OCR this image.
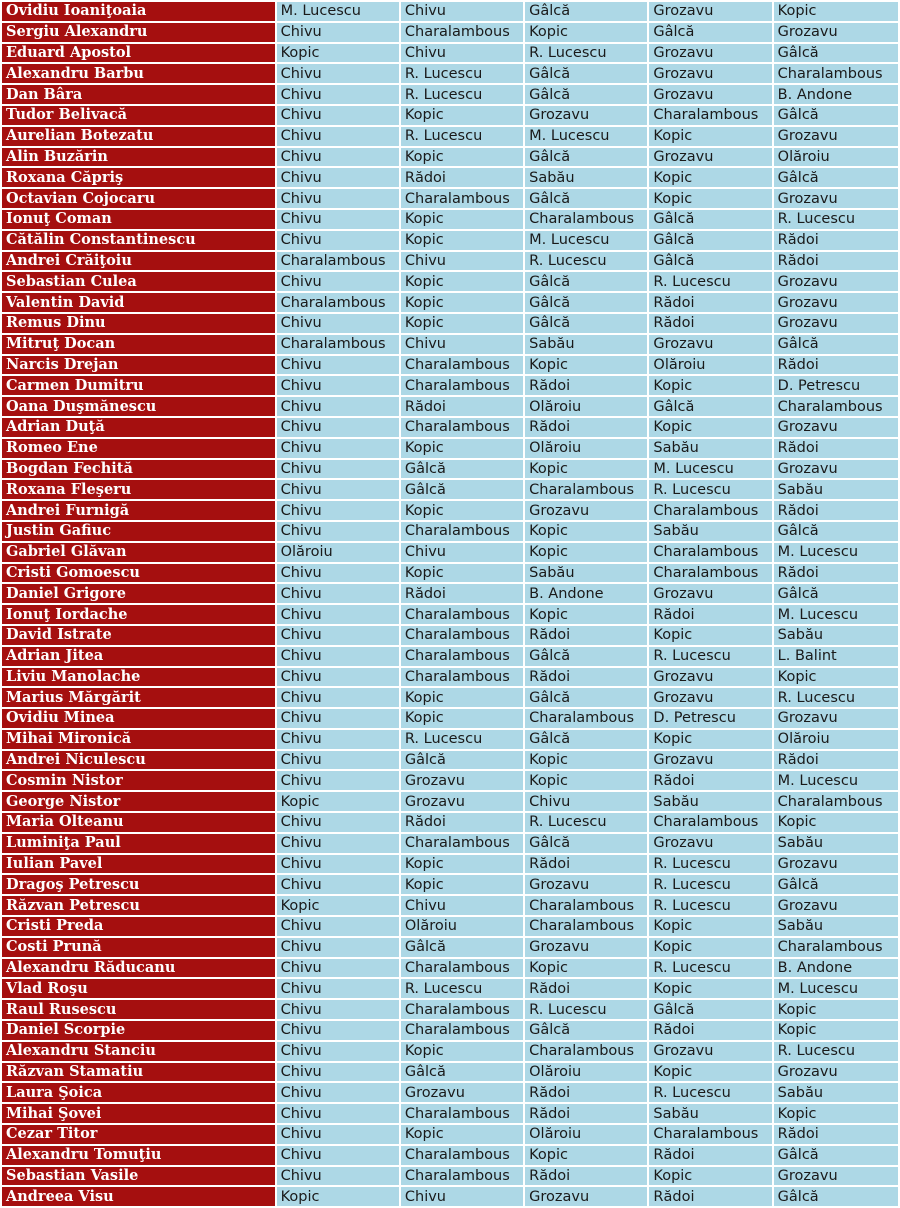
Ovidiu Ioaniţoaia	M. Lucescu	Chivu	Gâlcă	Grozavu	Kopic
Sergiu Alexandru	Chivu	Charalambous	Kopic	Gâlcă	Grozavu
Eduard Apostol	Kopic	Chivu	R. Lucescu	Grozavu	Gâlcă
Alexandru Barbu	Chivu	R. Lucescu	Gâlcă	Grozavu	Charalambous
Dan Bâra	Chivu	R. Lucescu	Gâlcă	Grozavu	B. Andone
Tudor Belivacă	Chivu	Kopic	Grozavu	Charalambous	Gâlcă
Aurelian Botezatu	Chivu	R. Lucescu	M. Lucescu	Kopic	Grozavu
Alin Buzărin	Chivu	Kopic	Gâlcă	Grozavu	Olăroiu
Roxana Căpriş	Chivu	Rădoi	Sabău	Kopic	Gâlcă
Octavian Cojocaru	Chivu	Charalambous	Gâlcă	Kopic	Grozavu
Ionuţ Coman	Chivu	Kopic	Charalambous	Gâlcă	R. Lucescu
Cătălin Constantinescu	Chivu	Kopic	M. Lucescu	Gâlcă	Rădoi
Andrei Crăiţoiu	Charalambous	Chivu	R. Lucescu	Gâlcă	Rădoi
Sebastian Culea	Chivu	Kopic	Gâlcă	R. Lucescu	Grozavu
Valentin David	Charalambous	Kopic	Gâlcă	Rădoi	Grozavu
Remus Dinu	Chivu	Kopic	Gâlcă	Rădoi	Grozavu
Mitruţ Docan	Charalambous	Chivu	Sabău	Grozavu	Gâlcă
Narcis Drejan	Chivu	Charalambous	Kopic	Olăroiu	Rădoi
Carmen Dumitru	Chivu	Charalambous	Rădoi	Kopic	D. Petrescu
Oana Duşmănescu	Chivu	Rădoi	Olăroiu	Gâlcă	Charalambous
Adrian Duţă	Chivu	Charalambous	Rădoi	Kopic	Grozavu
Romeo Ene	Chivu	Kopic	Olăroiu	Sabău	Rădoi
Bogdan Fechită	Chivu	Gâlcă	Kopic	M. Lucescu	Grozavu
Roxana Fleşeru	Chivu	Gâlcă	Charalambous	R. Lucescu	Sabău
Andrei Furnigă	Chivu	Kopic	Grozavu	Charalambous	Rădoi
Justin Gafiuc	Chivu	Charalambous	Kopic	Sabău	Gâlcă
Gabriel Glăvan	Olăroiu	Chivu	Kopic	Charalambous	M. Lucescu
Cristi Gomoescu	Chivu	Kopic	Sabău	Charalambous	Rădoi
Daniel Grigore	Chivu	Rădoi	B. Andone	Grozavu	Gâlcă
Ionuţ Iordache	Chivu	Charalambous	Kopic	Rădoi	M. Lucescu
David Istrate	Chivu	Charalambous	Rădoi	Kopic	Sabău
Adrian Jitea	Chivu	Charalambous	Gâlcă	R. Lucescu	L. Balint
Liviu Manolache	Chivu	Charalambous	Rădoi	Grozavu	Kopic
Marius Mărgărit	Chivu	Kopic	Gâlcă	Grozavu	R. Lucescu
Ovidiu Minea	Chivu	Kopic	Charalambous	D. Petrescu	Grozavu
Mihai Mironică	Chivu	R. Lucescu	Gâlcă	Kopic	Olăroiu
Andrei Niculescu	Chivu	Gâlcă	Kopic	Grozavu	Rădoi
Cosmin Nistor	Chivu	Grozavu	Kopic	Rădoi	M. Lucescu
George Nistor	Kopic	Grozavu	Chivu	Sabău	Charalambous
Maria Olteanu	Chivu	Rădoi	R. Lucescu	Charalambous	Kopic
Luminiţa Paul	Chivu	Charalambous	Gâlcă	Grozavu	Sabău
Iulian Pavel	Chivu	Kopic	Rădoi	R. Lucescu	Grozavu
Dragoş Petrescu	Chivu	Kopic	Grozavu	R. Lucescu	Gâlcă
Răzvan Petrescu	Kopic	Chivu	Charalambous	R. Lucescu	Grozavu
Cristi Preda	Chivu	Olăroiu	Charalambous	Kopic	Sabău
Costi Prună	Chivu	Gâlcă	Grozavu	Kopic	Charalambous
Alexandru Răducanu	Chivu	Charalambous	Kopic	R. Lucescu	B. Andone
Vlad Roşu	Chivu	R. Lucescu	Rădoi	Kopic	M. Lucescu
Raul Rusescu	Chivu	Charalambous	R. Lucescu	Gâlcă	Kopic
Daniel Scorpie	Chivu	Charalambous	Gâlcă	Rădoi	Kopic
Alexandru Stanciu	Chivu	Kopic	Charalambous	Grozavu	R. Lucescu
Răzvan Stamatiu	Chivu	Gâlcă	Olăroiu	Kopic	Grozavu
Laura Şoica	Chivu	Grozavu	Rădoi	R. Lucescu	Sabău
Mihai Şovei	Chivu	Charalambous	Rădoi	Sabău	Kopic
Cezar Titor	Chivu	Kopic	Olăroiu	Charalambous	Rădoi
Alexandru Tomuţiu	Chivu	Charalambous	Kopic	Rădoi	Gâlcă
Sebastian Vasile	Chivu	Charalambous	Rădoi	Kopic	Grozavu
Andreea Visu	Kopic	Chivu	Grozavu	Rădoi	Gâlcă
